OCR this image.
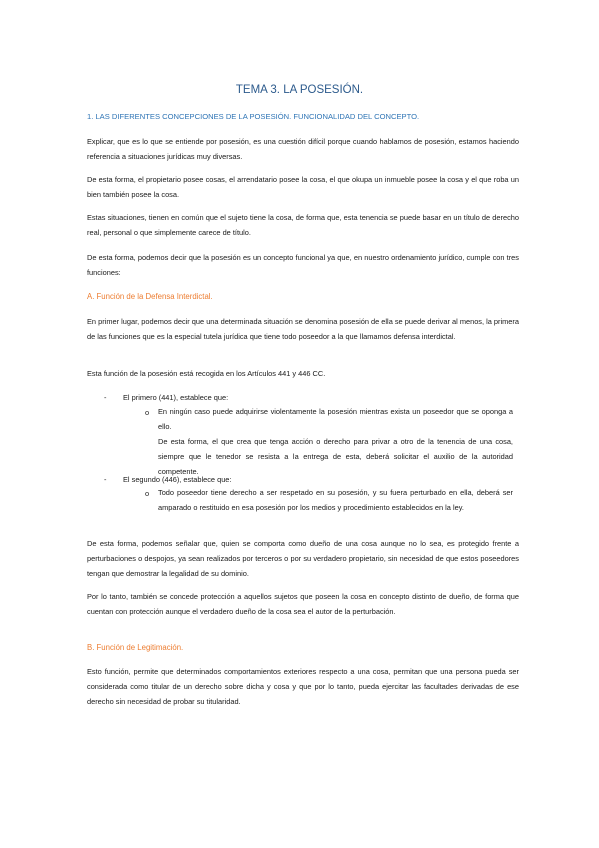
TEMA 3. LA POSESIÓN.
1. LAS DIFERENTES CONCEPCIONES DE LA POSESIÓN. FUNCIONALIDAD DEL CONCEPTO.

Explicar, que es lo que se entiende por posesión, es una cuestión difícil porque cuando hablamos de posesión, estamos haciendo referencia a situaciones jurídicas muy diversas.

De esta forma, el propietario posee cosas, el arrendatario posee la cosa, el que okupa un inmueble posee la cosa y el que roba un bien también posee la cosa.

Estas situaciones, tienen en común que el sujeto tiene la cosa, de forma que, esta tenencia se puede basar en un título de derecho real, personal o que simplemente carece de título.

De esta forma, podemos decir que la posesión es un concepto funcional ya que, en nuestro ordenamiento jurídico, cumple con tres funciones:

A. Función de la Defensa Interdictal.

En primer lugar, podemos decir que una determinada situación se denomina posesión de ella se puede derivar al menos, la primera de las funciones que es la especial tutela jurídica que tiene todo poseedor a la que llamamos defensa interdictal.

Esta función de la posesión está recogida en los Artículos 441 y 446 CC.

- El primero (441), establece que:
o En ningún caso puede adquirirse violentamente la posesión mientras exista un poseedor que se oponga a ello.

De esta forma, el que crea que tenga acción o derecho para privar a otro de la tenencia de una cosa, siempre que le tenedor se resista a la entrega de esta, deberá solicitar el auxilio de la autoridad competente.

- El segundo (446), establece que:
o Todo poseedor tiene derecho a ser respetado en su posesión, y su fuera perturbado en ella, deberá ser amparado o restituido en esa posesión por los medios y procedimiento establecidos en la ley.

De esta forma, podemos señalar que, quien se comporta como dueño de una cosa aunque no lo sea, es protegido frente a perturbaciones o despojos, ya sean realizados por terceros o por su verdadero propietario, sin necesidad de que estos poseedores tengan que demostrar la legalidad de su dominio.

Por lo tanto, también se concede protección a aquellos sujetos que poseen la cosa en concepto distinto de dueño, de forma que cuentan con protección aunque el verdadero dueño de la cosa sea el autor de la perturbación.

B. Función de Legitimación.

Esto función, permite que determinados comportamientos exteriores respecto a una cosa, permitan que una persona pueda ser considerada como titular de un derecho sobre dicha y cosa y que por lo tanto, pueda ejercitar las facultades derivadas de ese derecho sin necesidad de probar su titularidad.
